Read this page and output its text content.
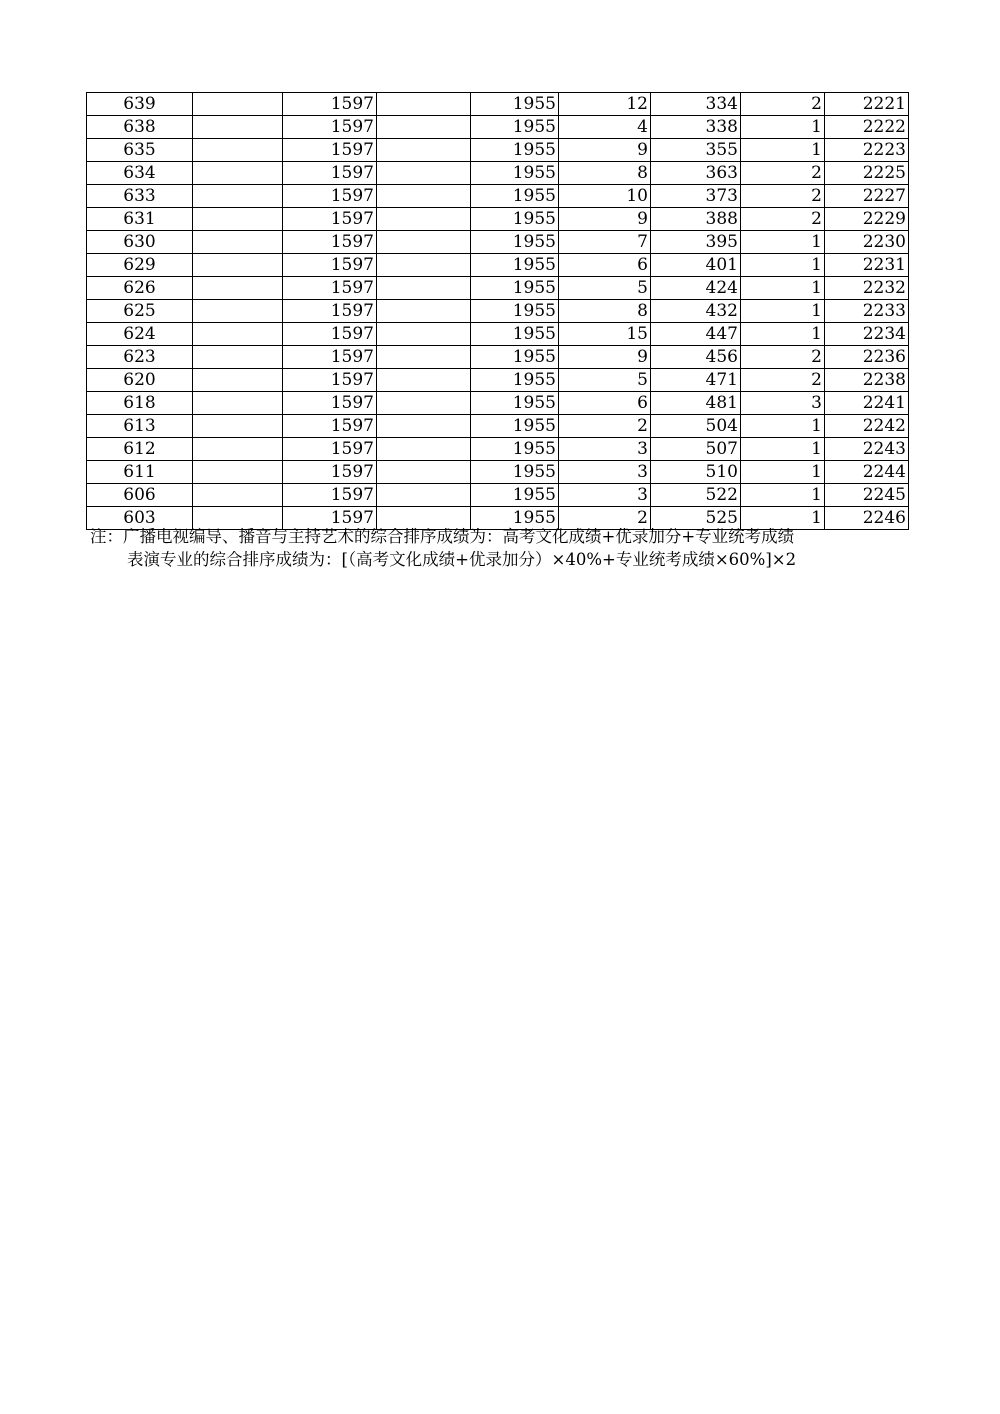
639		1597		1955	12	334	2	2221
638		1597		1955	4	338	1	2222
635		1597		1955	9	355	1	2223
634		1597		1955	8	363	2	2225
633		1597		1955	10	373	2	2227
631		1597		1955	9	388	2	2229
630		1597		1955	7	395	1	2230
629		1597		1955	6	401	1	2231
626		1597		1955	5	424	1	2232
625		1597		1955	8	432	1	2233
624		1597		1955	15	447	1	2234
623		1597		1955	9	456	2	2236
620		1597		1955	5	471	2	2238
618		1597		1955	6	481	3	2241
613		1597		1955	2	504	1	2242
612		1597		1955	3	507	1	2243
611		1597		1955	3	510	1	2244
606		1597		1955	3	522	1	2245
603		1597		1955	2	525	1	2246
注：广播电视编导、播音与主持艺术的综合排序成绩为：高考文化成绩+优录加分+专业统考成绩
表演专业的综合排序成绩为：[（高考文化成绩+优录加分）×40%+专业统考成绩×60%]×2
